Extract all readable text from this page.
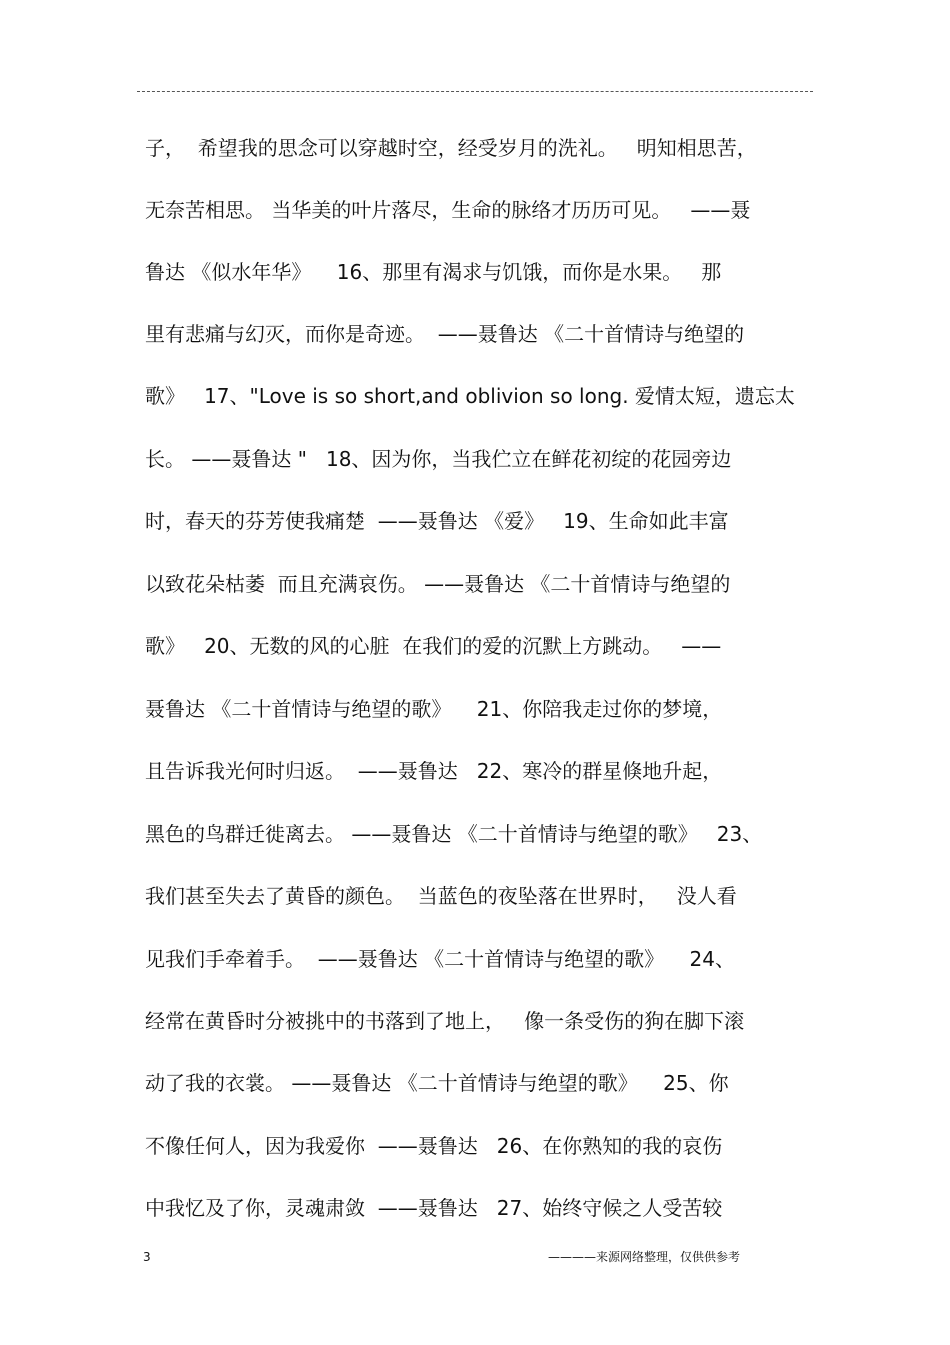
子，  希望我的思念可以穿越时空，经受岁月的洗礼。   明知相思苦，
无奈苦相思。 当华美的叶片落尽，生命的脉络才历历可见。   ——聂
鲁达 《似水年华》    16、那里有渴求与饥饿，而你是水果。   那
里有悲痛与幻灭，而你是奇迹。  ——聂鲁达 《二十首情诗与绝望的
歌》   17、"Love is so short,and oblivion so long. 爱情太短，遗忘太
长。 ——聂鲁达 "   18、因为你，当我伫立在鲜花初绽的花园旁边
时，春天的芬芳使我痛楚  ——聂鲁达 《爱》   19、生命如此丰富
以致花朵枯萎  而且充满哀伤。 ——聂鲁达 《二十首情诗与绝望的
歌》   20、无数的风的心脏  在我们的爱的沉默上方跳动。   ——
聂鲁达 《二十首情诗与绝望的歌》    21、你陪我走过你的梦境，
且告诉我光何时归返。  ——聂鲁达   22、寒冷的群星倏地升起，
黑色的鸟群迁徙离去。 ——聂鲁达 《二十首情诗与绝望的歌》   23、
我们甚至失去了黄昏的颜色。  当蓝色的夜坠落在世界时，   没人看
见我们手牵着手。  ——聂鲁达 《二十首情诗与绝望的歌》    24、
经常在黄昏时分被挑中的书落到了地上，   像一条受伤的狗在脚下滚
动了我的衣裳。 ——聂鲁达 《二十首情诗与绝望的歌》    25、你
不像任何人，因为我爱你  ——聂鲁达   26、在你熟知的我的哀伤
中我忆及了你，灵魂肃敛  ——聂鲁达   27、始终守候之人受苦较
3	————来源网络整理，仅供供参考
